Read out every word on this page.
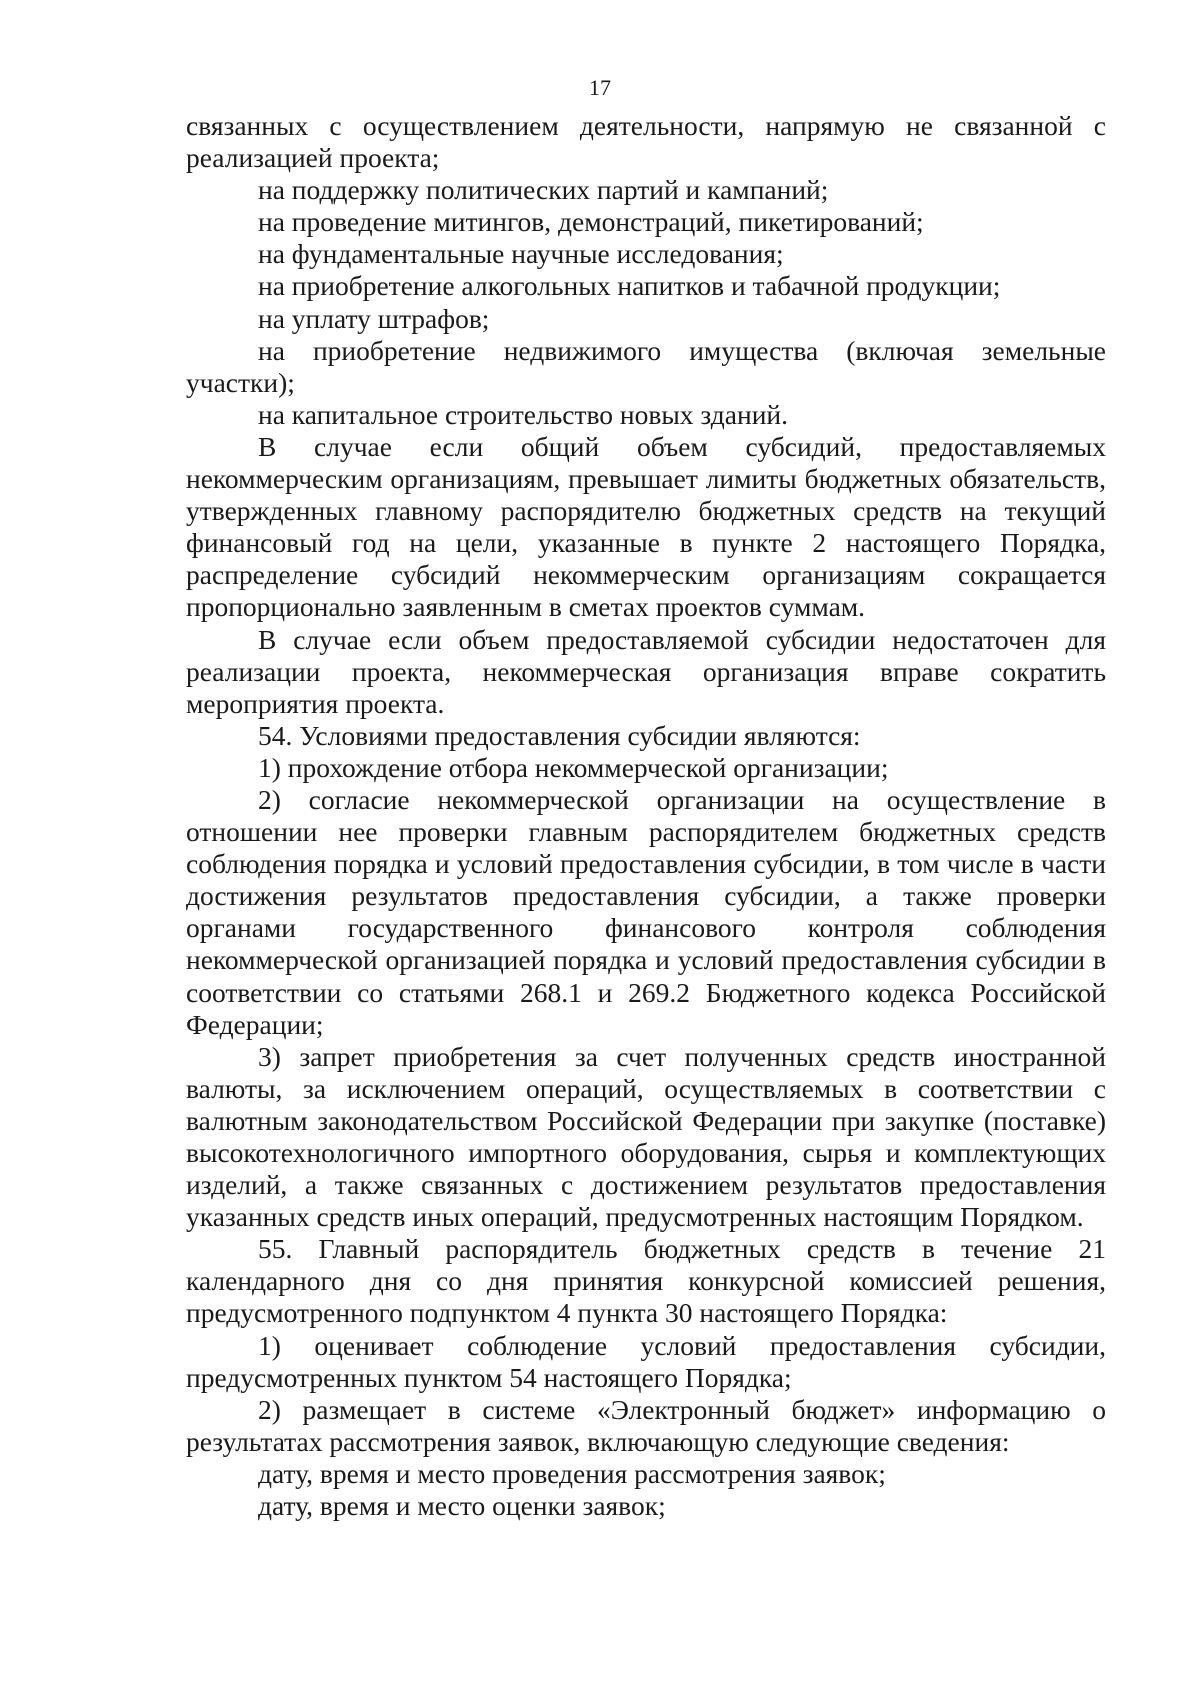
17

связанных с осуществлением деятельности, напрямую не связанной с реализацией проекта;

на поддержку политических партий и кампаний;

на проведение митингов, демонстраций, пикетирований;

на фундаментальные научные исследования;

на приобретение алкогольных напитков и табачной продукции;

на уплату штрафов;

на приобретение недвижимого имущества (включая земельные участки);

на капитальное строительство новых зданий.

В случае если общий объем субсидий, предоставляемых некоммерческим организациям, превышает лимиты бюджетных обязательств, утвержденных главному распорядителю бюджетных средств на текущий финансовый год на цели, указанные в пункте 2 настоящего Порядка, распределение субсидий некоммерческим организациям сокращается пропорционально заявленным в сметах проектов суммам.

В случае если объем предоставляемой субсидии недостаточен для реализации проекта, некоммерческая организация вправе сократить мероприятия проекта.

54. Условиями предоставления субсидии являются:

1) прохождение отбора некоммерческой организации;

2) согласие некоммерческой организации на осуществление в отношении нее проверки главным распорядителем бюджетных средств соблюдения порядка и условий предоставления субсидии, в том числе в части достижения результатов предоставления субсидии, а также проверки органами государственного финансового контроля соблюдения некоммерческой организацией порядка и условий предоставления субсидии в соответствии со статьями 268.1 и 269.2 Бюджетного кодекса Российской Федерации;

3) запрет приобретения за счет полученных средств иностранной валюты, за исключением операций, осуществляемых в соответствии с валютным законодательством Российской Федерации при закупке (поставке) высокотехнологичного импортного оборудования, сырья и комплектующих изделий, а также связанных с достижением результатов предоставления указанных средств иных операций, предусмотренных настоящим Порядком.

55. Главный распорядитель бюджетных средств в течение 21 календарного дня со дня принятия конкурсной комиссией решения, предусмотренного подпунктом 4 пункта 30 настоящего Порядка:

1) оценивает соблюдение условий предоставления субсидии, предусмотренных пунктом 54 настоящего Порядка;

2) размещает в системе «Электронный бюджет» информацию о результатах рассмотрения заявок, включающую следующие сведения:

дату, время и место проведения рассмотрения заявок;

дату, время и место оценки заявок;
